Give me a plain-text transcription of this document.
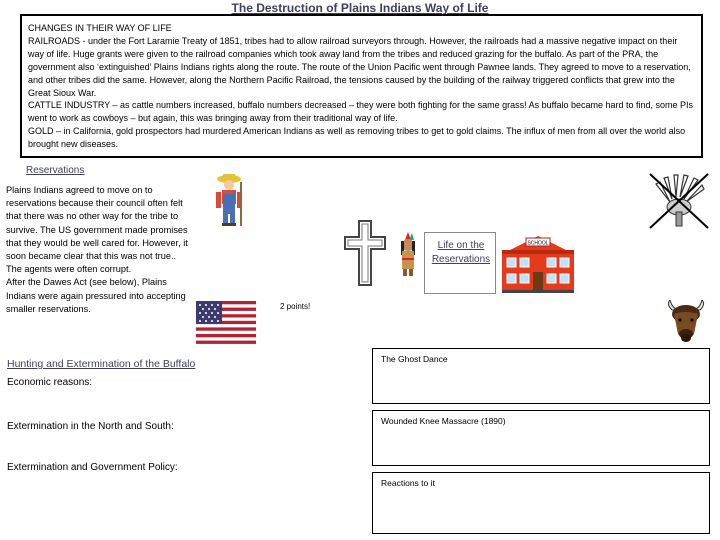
The Destruction of Plains Indians Way of Life

CHANGES IN THEIR WAY OF LIFE

RAILROADS - under the Fort Laramie Treaty of 1851, tribes had to allow railroad surveyors through. However, the railroads had a massive negative impact on their way of life. Huge grants were given to the railroad companies which took away land from the tribes and reduced grazing for the buffalo. As part of the PRA, the government also ‘extinguished’ Plains Indians rights along the route. The route of the Union Pacific went through Pawnee lands. They agreed to move to a reservation, and other tribes did the same. However, along the Northern Pacific Railroad, the tensions caused by the building of the railway triggered conflicts that grew into the Great Sioux War.

CATTLE INDUSTRY – as cattle numbers increased, buffalo numbers decreased – they were both fighting for the same grass! As buffalo became hard to find, some PIs went to work as cowboys – but again, this was bringing away from their traditional way of life.

GOLD – in California, gold prospectors had murdered American Indians as well as removing tribes to get to gold claims. The influx of men from all over the world also brought new diseases.

Reservations

Plains Indians agreed to move on to reservations because their council often felt that there was no other way for the tribe to survive. The US government made promises that they would be well cared for. However, it soon became clear that this was not true.. The agents were often corrupt.

After the Dawes Act (see below), Plains Indians were again pressured into accepting smaller reservations.

Life on the Reservations
SCHOOL
2 points!
Hunting and Extermination of the Buffalo
Economic reasons:
Extermination in the North and South:
Extermination and Government Policy:
The Ghost Dance
Wounded Knee Massacre (1890)
Reactions to it
